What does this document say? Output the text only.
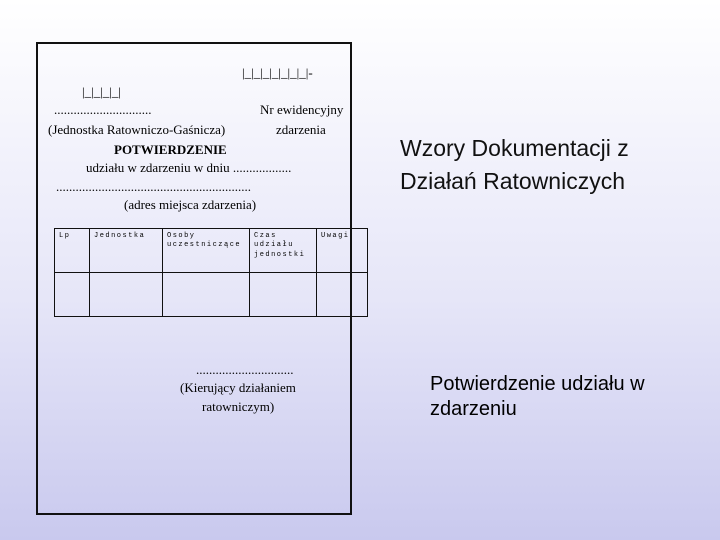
|_|_|_|_|_|_|_|-
|_|_|_|_|
..............................	Nr ewidencyjny
(Jednostka Ratowniczo-Gaśnicza)	zdarzenia
POTWIERDZENIE
udziału w zdarzeniu w dniu ..................
............................................................
(adres miejsca zdarzenia)
Lp	Jednostka	Osoby uczestniczące	Czas udziału jednostki	Uwagi

..............................
(Kierujący działaniem
ratowniczym)
Wzory Dokumentacji z Działań Ratowniczych
Potwierdzenie udziału w zdarzeniu
